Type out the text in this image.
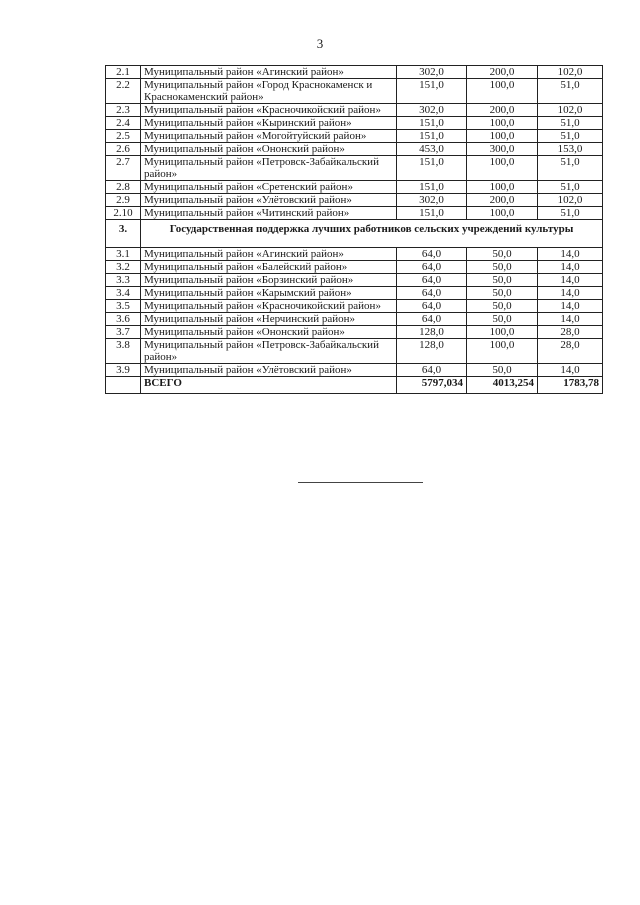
3
2.1	Муниципальный район «Агинский район»	302,0	200,0	102,0
2.2	Муниципальный район «Город Краснокаменск и Краснокаменский район»	151,0	100,0	51,0
2.3	Муниципальный район «Красночикойский район»	302,0	200,0	102,0
2.4	Муниципальный район «Кыринский район»	151,0	100,0	51,0
2.5	Муниципальный район «Могойтуйский район»	151,0	100,0	51,0
2.6	Муниципальный район «Ононский район»	453,0	300,0	153,0
2.7	Муниципальный район «Петровск-Забайкальский район»	151,0	100,0	51,0
2.8	Муниципальный район «Сретенский район»	151,0	100,0	51,0
2.9	Муниципальный район «Улётовский район»	302,0	200,0	102,0
2.10	Муниципальный район «Читинский район»	151,0	100,0	51,0
3.	Государственная поддержка лучших работников сельских учреждений культуры			
3.1	Муниципальный район «Агинский район»	64,0	50,0	14,0
3.2	Муниципальный район «Балейский район»	64,0	50,0	14,0
3.3	Муниципальный район «Борзинский район»	64,0	50,0	14,0
3.4	Муниципальный район «Карымский район»	64,0	50,0	14,0
3.5	Муниципальный район «Красночикойский район»	64,0	50,0	14,0
3.6	Муниципальный район «Нерчинский район»	64,0	50,0	14,0
3.7	Муниципальный район «Ононский район»	128,0	100,0	28,0
3.8	Муниципальный район «Петровск-Забайкальский район»	128,0	100,0	28,0
3.9	Муниципальный район «Улётовский район»	64,0	50,0	14,0
	ВСЕГО	5797,034	4013,254	1783,78
